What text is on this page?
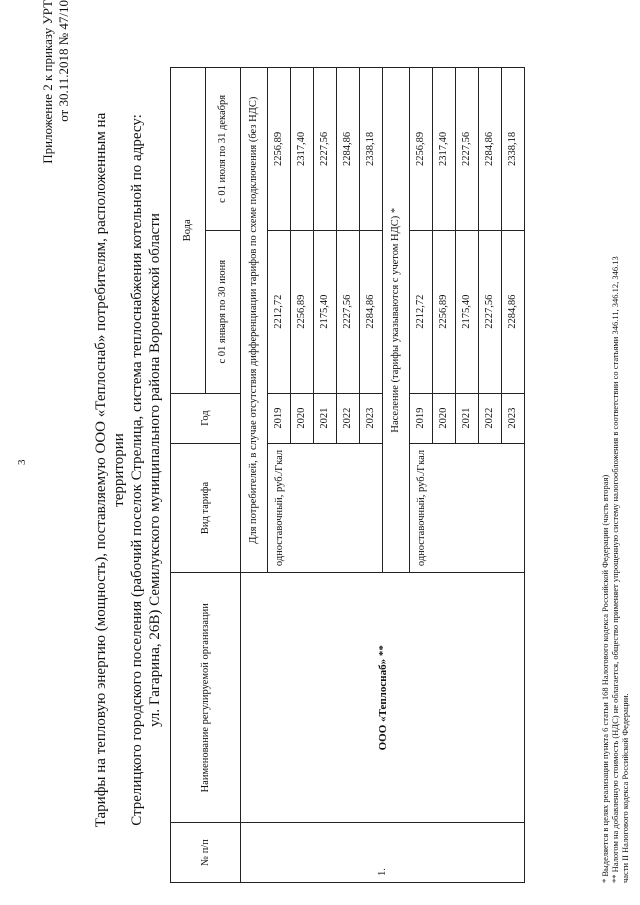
3
Приложение 2 к приказу УРТ от 30.11.2018 № 47/10
Тарифы на тепловую энергию (мощность), поставляемую ООО «Теплоснаб» потребителям, расположенным на территории Стрелицкого городского поселения (рабочий поселок Стрелица, система теплоснабжения котельной по адресу: ул. Гагарина, 26В) Семилукского муниципального района Воронежской области
№ п/п	Наименование регулируемой организации	Вид тарифа	Год	Вода	
				с 01 января по 30 июня	с 01 июля по 31 декабря
1.	ООО «Теплоснаб» **	Для потребителей, в случае отсутствия дифференциации тарифов по схеме подключения (без НДС)			
		одноставочный, руб./Гкал	2019	2212,72	2256,89
			2020	2256,89	2317,40
			2021	2175,40	2227,56
			2022	2227,56	2284,86
			2023	2284,86	2338,18
		Население (тарифы указываются с учетом НДС) *			
		одноставочный, руб./Гкал	2019	2212,72	2256,89
			2020	2256,89	2317,40
			2021	2175,40	2227,56
			2022	2227,56	2284,86
			2023	2284,86	2338,18
* Выделяется в целях реализации пункта 6 статьи 168 Налогового кодекса Российской Федерации (часть вторая) ** Налогом на добавленную стоимость (НДС) не облагается, общество применяет упрощенную систему налогообложения в соответствии со статьями 346.11, 346.12, 346.13 части II Налогового кодекса Российской Федерации.
